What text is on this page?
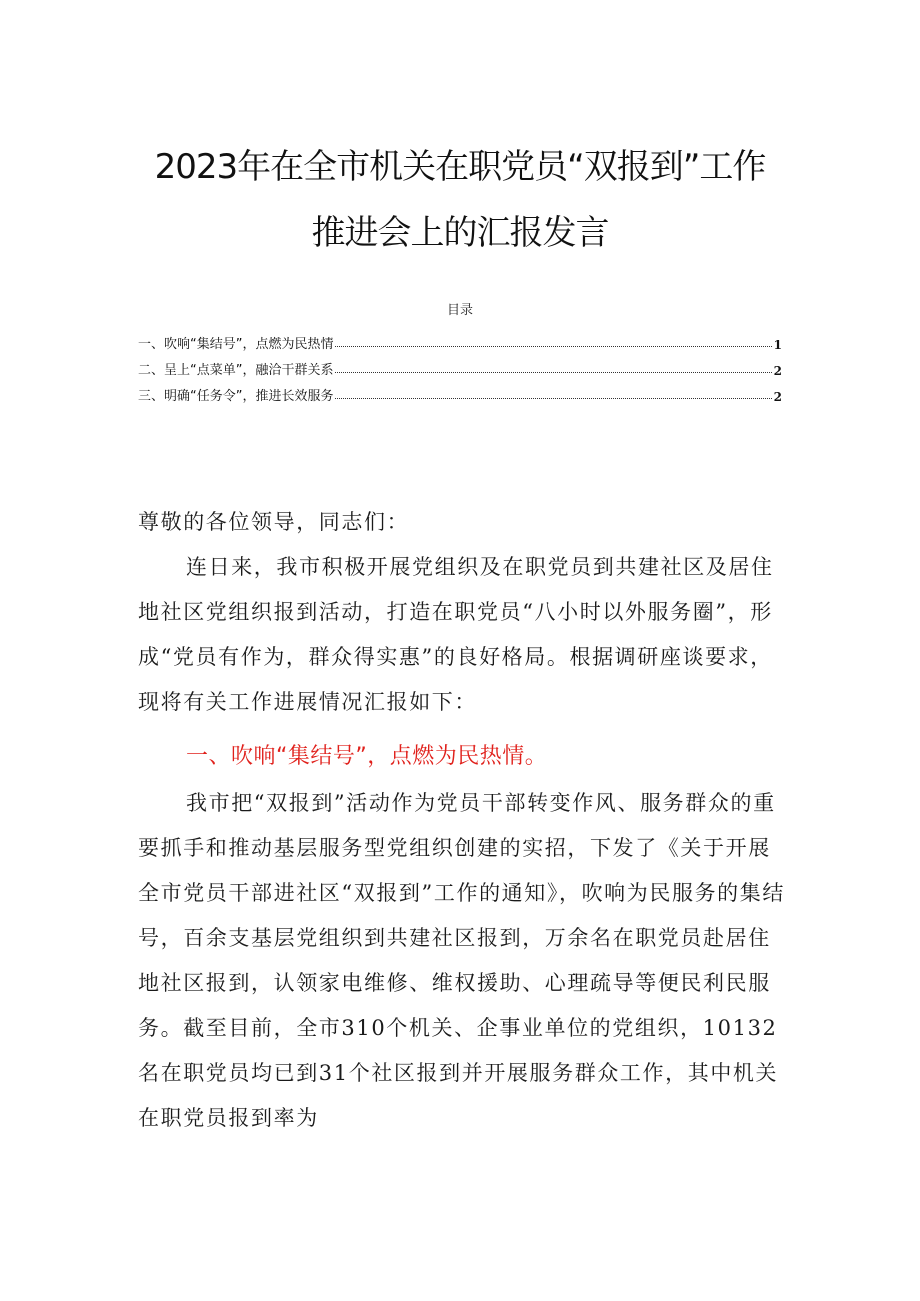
2023年在全市机关在职党员“双报到”工作
推进会上的汇报发言
目录
一、吹响“集结号”，点燃为民热情	1
二、呈上“点菜单”，融洽干群关系	2
三、明确“任务令”，推进长效服务	2
尊敬的各位领导，同志们：
连日来，我市积极开展党组织及在职党员到共建社区及居住地社区党组织报到活动，打造在职党员“八小时以外服务圈”，形成“党员有作为，群众得实惠”的良好格局。根据调研座谈要求，现将有关工作进展情况汇报如下：
一、吹响“集结号”，点燃为民热情。
我市把“双报到”活动作为党员干部转变作风、服务群众的重要抓手和推动基层服务型党组织创建的实招，下发了《关于开展全市党员干部进社区“双报到”工作的通知》，吹响为民服务的集结号，百余支基层党组织到共建社区报到，万余名在职党员赴居住地社区报到，认领家电维修、维权援助、心理疏导等便民利民服务。截至目前，全市310个机关、企事业单位的党组织，10132名在职党员均已到31个社区报到并开展服务群众工作，其中机关在职党员报到率为
